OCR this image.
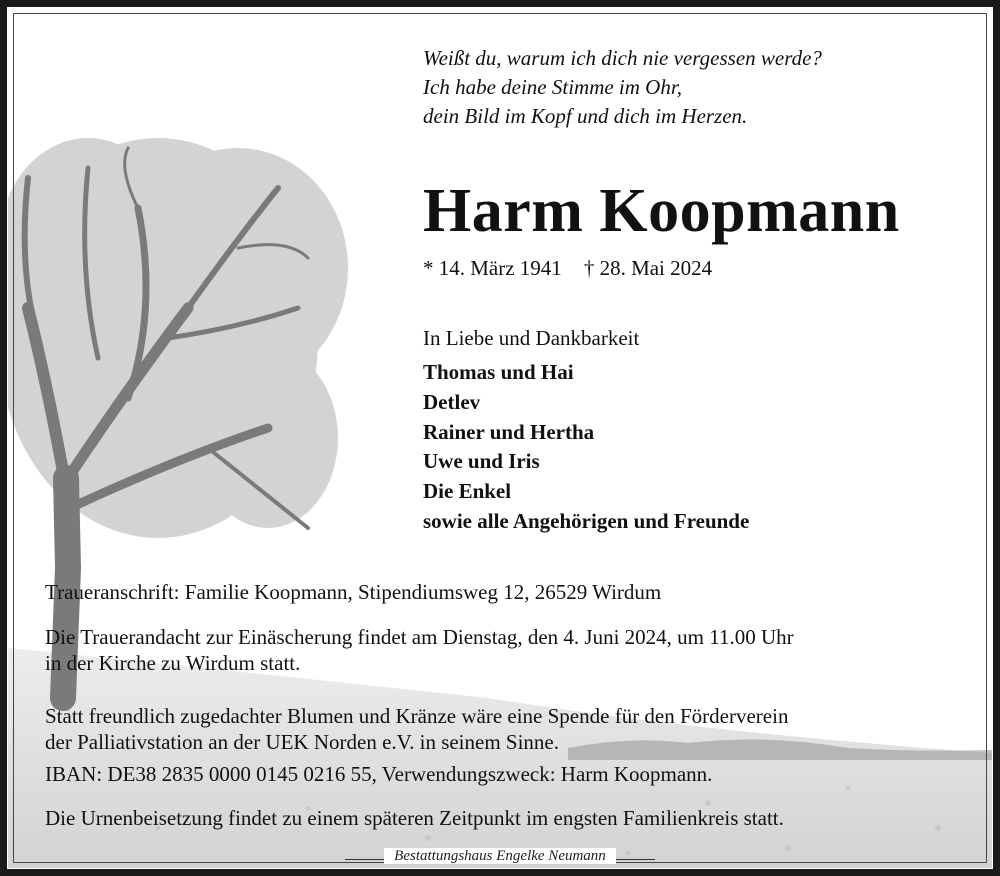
Weißt du, warum ich dich nie vergessen werde?
Ich habe deine Stimme im Ohr,
dein Bild im Kopf und dich im Herzen.
Harm Koopmann
* 14. März 1941 † 28. Mai 2024
In Liebe und Dankbarkeit
Thomas und Hai
Detlev
Rainer und Hertha
Uwe und Iris
Die Enkel
sowie alle Angehörigen und Freunde
Traueranschrift: Familie Koopmann, Stipendiumsweg 12, 26529 Wirdum
Die Trauerandacht zur Einäscherung findet am Dienstag, den 4. Juni 2024, um 11.00 Uhr
in der Kirche zu Wirdum statt.
Statt freundlich zugedachter Blumen und Kränze wäre eine Spende für den Förderverein
der Palliativstation an der UEK Norden e.V. in seinem Sinne.
IBAN: DE38 2835 0000 0145 0216 55, Verwendungszweck: Harm Koopmann.
Die Urnenbeisetzung findet zu einem späteren Zeitpunkt im engsten Familienkreis statt.
Bestattungshaus Engelke Neumann
